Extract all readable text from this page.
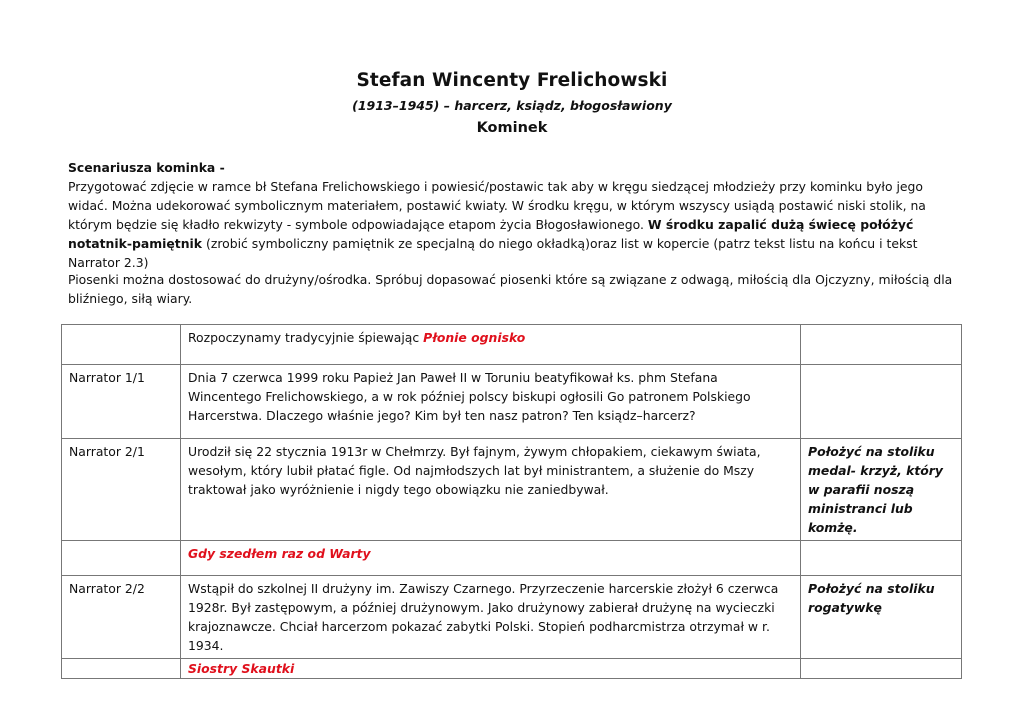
Stefan Wincenty Frelichowski
(1913–1945) – harcerz, ksiądz, błogosławiony
Kominek
Scenariusza kominka -
Przygotować zdjęcie w ramce bł Stefana Frelichowskiego i powiesić/postawic tak aby w kręgu siedzącej młodzieży przy kominku było jego widać. Można udekorować symbolicznym materiałem, postawić kwiaty. W środku kręgu, w którym wszyscy usiądą postawić niski stolik, na którym będzie się kładło rekwizyty - symbole odpowiadające etapom życia Błogosławionego. W środku zapalić dużą świecę połóżyć notatnik-pamiętnik (zrobić symboliczny pamiętnik ze specjalną do niego okładką)oraz list w kopercie (patrz tekst listu na końcu i tekst Narrator 2.3)
Piosenki można dostosować do drużyny/ośrodka. Spróbuj dopasować piosenki które są związane z odwagą, miłością dla Ojczyzny, miłością dla bliźniego, siłą wiary.
	Rozpoczynamy tradycyjnie śpiewając Płonie ognisko	
Narrator 1/1	Dnia 7 czerwca 1999 roku Papież Jan Paweł II w Toruniu beatyfikował ks. phm Stefana Wincentego Frelichowskiego, a w rok później polscy biskupi ogłosili Go patronem Polskiego Harcerstwa. Dlaczego właśnie jego? Kim był ten nasz patron? Ten ksiądz–harcerz?	
Narrator 2/1	Urodził się 22 stycznia 1913r w Chełmrzy. Był fajnym, żywym chłopakiem, ciekawym świata, wesołym, który lubił płatać figle. Od najmłodszych lat był ministrantem, a służenie do Mszy traktował jako wyróżnienie i nigdy tego obowiązku nie zaniedbywał.	Położyć na stoliku medal- krzyż, który w parafii noszą ministranci lub komżę.
	Gdy szedłem raz od Warty	
Narrator 2/2	Wstąpił do szkolnej II drużyny im. Zawiszy Czarnego. Przyrzeczenie harcerskie złożył 6 czerwca 1928r. Był zastępowym, a później drużynowym. Jako drużynowy zabierał drużynę na wycieczki krajoznawcze. Chciał harcerzom pokazać zabytki Polski. Stopień podharcmistrza otrzymał w r. 1934.	Położyć na stoliku rogatywkę
	Siostry Skautki	
